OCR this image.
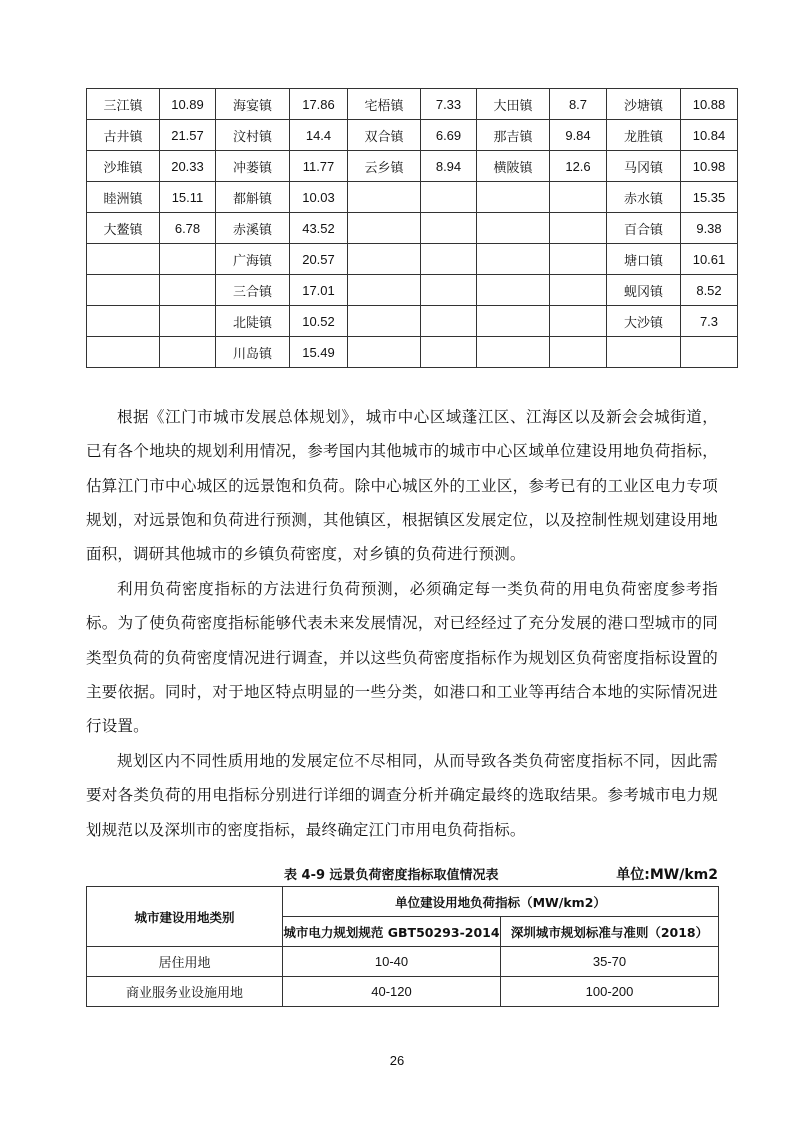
三江镇	10.89	海宴镇	17.86	宅梧镇	7.33	大田镇	8.7	沙塘镇	10.88
古井镇	21.57	汶村镇	14.4	双合镇	6.69	那吉镇	9.84	龙胜镇	10.84
沙堆镇	20.33	冲蒌镇	11.77	云乡镇	8.94	横陂镇	12.6	马冈镇	10.98
睦洲镇	15.11	都斛镇	10.03					赤水镇	15.35
大鳌镇	6.78	赤溪镇	43.52					百合镇	9.38
		广海镇	20.57					塘口镇	10.61
		三合镇	17.01					蚬冈镇	8.52
		北陡镇	10.52					大沙镇	7.3
		川岛镇	15.49						

根据《江门市城市发展总体规划》，城市中心区域蓬江区、江海区以及新会会城街道，已有各个地块的规划利用情况，参考国内其他城市的城市中心区域单位建设用地负荷指标，估算江门市中心城区的远景饱和负荷。除中心城区外的工业区，参考已有的工业区电力专项规划，对远景饱和负荷进行预测，其他镇区，根据镇区发展定位，以及控制性规划建设用地面积，调研其他城市的乡镇负荷密度，对乡镇的负荷进行预测。

利用负荷密度指标的方法进行负荷预测，必须确定每一类负荷的用电负荷密度参考指标。为了使负荷密度指标能够代表未来发展情况，对已经经过了充分发展的港口型城市的同类型负荷的负荷密度情况进行调查，并以这些负荷密度指标作为规划区负荷密度指标设置的主要依据。同时，对于地区特点明显的一些分类，如港口和工业等再结合本地的实际情况进行设置。

规划区内不同性质用地的发展定位不尽相同，从而导致各类负荷密度指标不同，因此需要对各类负荷的用电指标分别进行详细的调查分析并确定最终的选取结果。参考城市电力规划规范以及深圳市的密度指标，最终确定江门市用电负荷指标。

表 4-9 远景负荷密度指标取值情况表	单位:MW/km2
城市建设用地类别	单位建设用地负荷指标（MW/km2）	
	城市电力规划规范 GBT50293-2014	深圳城市规划标准与准则（2018）
居住用地	10-40	35-70
商业服务业设施用地	40-120	100-200
26
